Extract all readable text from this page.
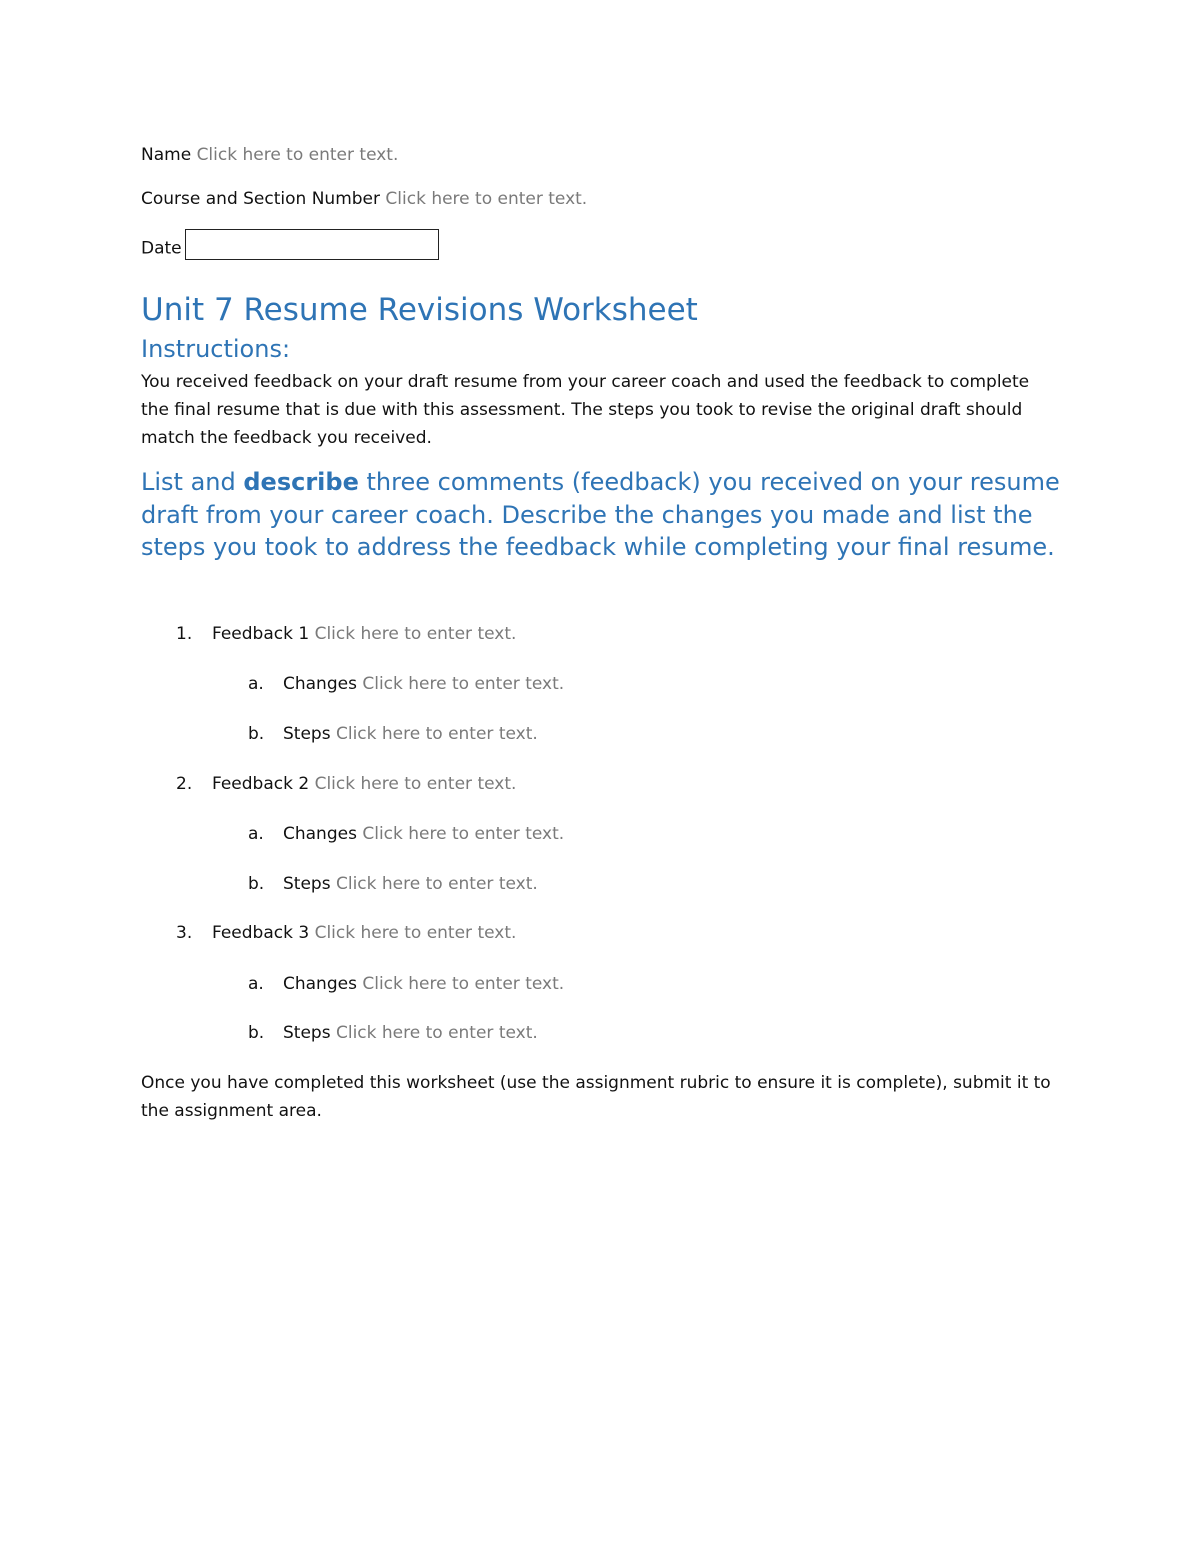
Name Click here to enter text.
Course and Section Number Click here to enter text.
Date
Unit 7 Resume Revisions Worksheet
Instructions:
You received feedback on your draft resume from your career coach and used the feedback to complete the final resume that is due with this assessment. The steps you took to revise the original draft should match the feedback you received.
List and describe three comments (feedback) you received on your resume draft from your career coach. Describe the changes you made and list the steps you took to address the feedback while completing your final resume.
1. Feedback 1 Click here to enter text.
a. Changes Click here to enter text.
b. Steps Click here to enter text.
2. Feedback 2 Click here to enter text.
a. Changes Click here to enter text.
b. Steps Click here to enter text.
3. Feedback 3 Click here to enter text.
a. Changes Click here to enter text.
b. Steps Click here to enter text.
Once you have completed this worksheet (use the assignment rubric to ensure it is complete), submit it to the assignment area.
